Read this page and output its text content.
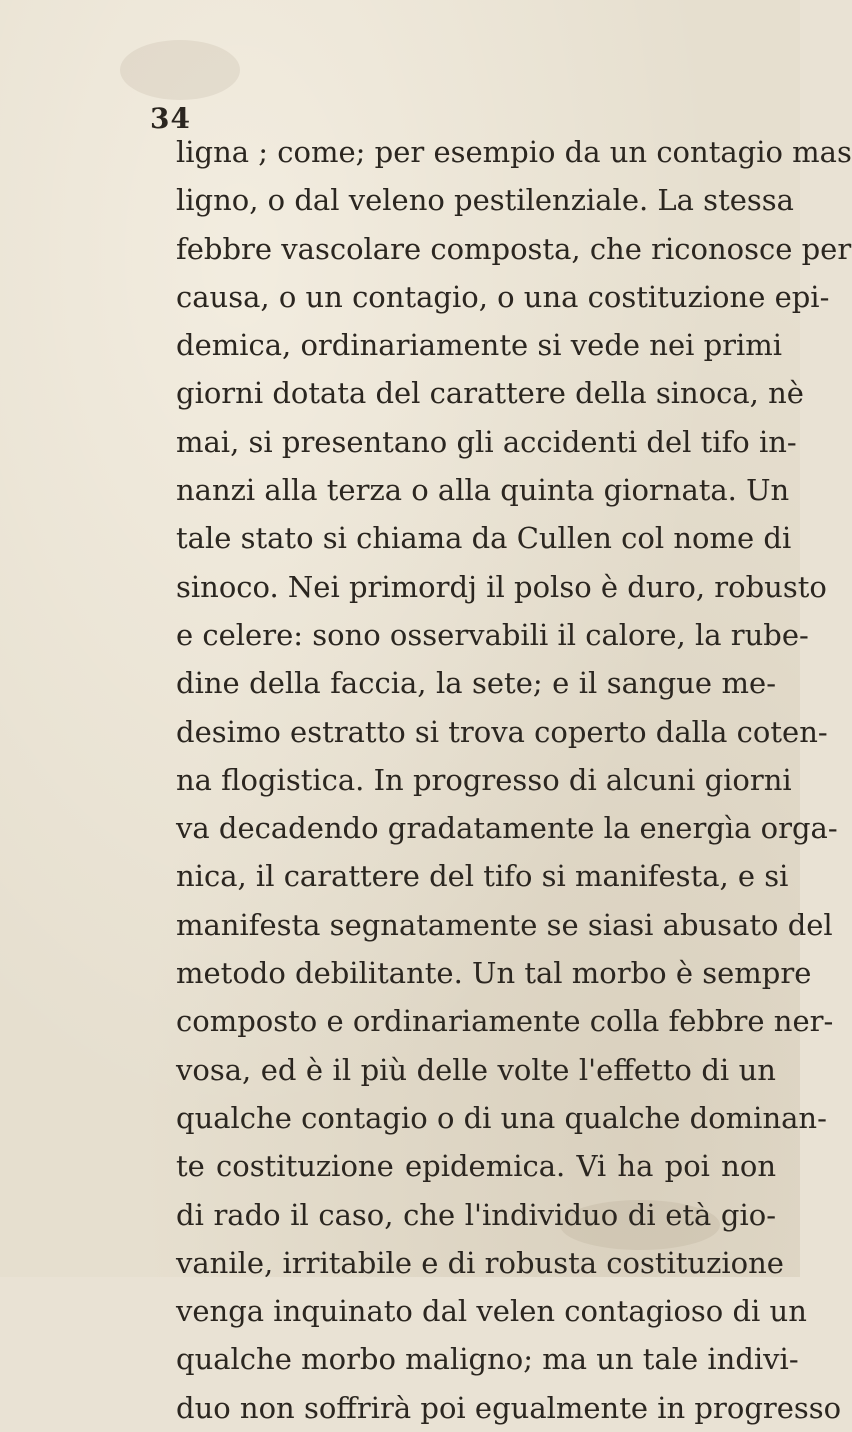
34
ligna ; come; per esempio da un contagio mas
ligno, o dal veleno pestilenziale. La stessa
febbre vascolare composta, che riconosce per
causa, o un contagio, o una costituzione epi-
demica, ordinariamente si vede nei primi
giorni dotata del carattere della sinoca, nè
mai, si presentano gli accidenti del tifo in-
nanzi alla terza o alla quinta giornata. Un
tale stato si chiama da Cullen col nome di
sinoco. Nei primordj il polso è duro, robusto
e celere: sono osservabili il calore, la rube-
dine della faccia, la sete; e il sangue me-
desimo estratto si trova coperto dalla coten-
na flogistica. In progresso di alcuni giorni
va decadendo gradatamente la energìa orga-
nica, il carattere del tifo si manifesta, e si
manifesta segnatamente se siasi abusato del
metodo debilitante. Un tal morbo è sempre
composto e ordinariamente colla febbre ner-
vosa, ed è il più delle volte l'effetto di un
qualche contagio o di una qualche dominan-
te costituzione epidemica. Vi ha poi non
di rado il caso, che l'individuo di età gio-
vanile, irritabile e di robusta costituzione
venga inquinato dal velen contagioso di un
qualche morbo maligno; ma un tale indivi-
duo non soffrirà poi egualmente in progresso
